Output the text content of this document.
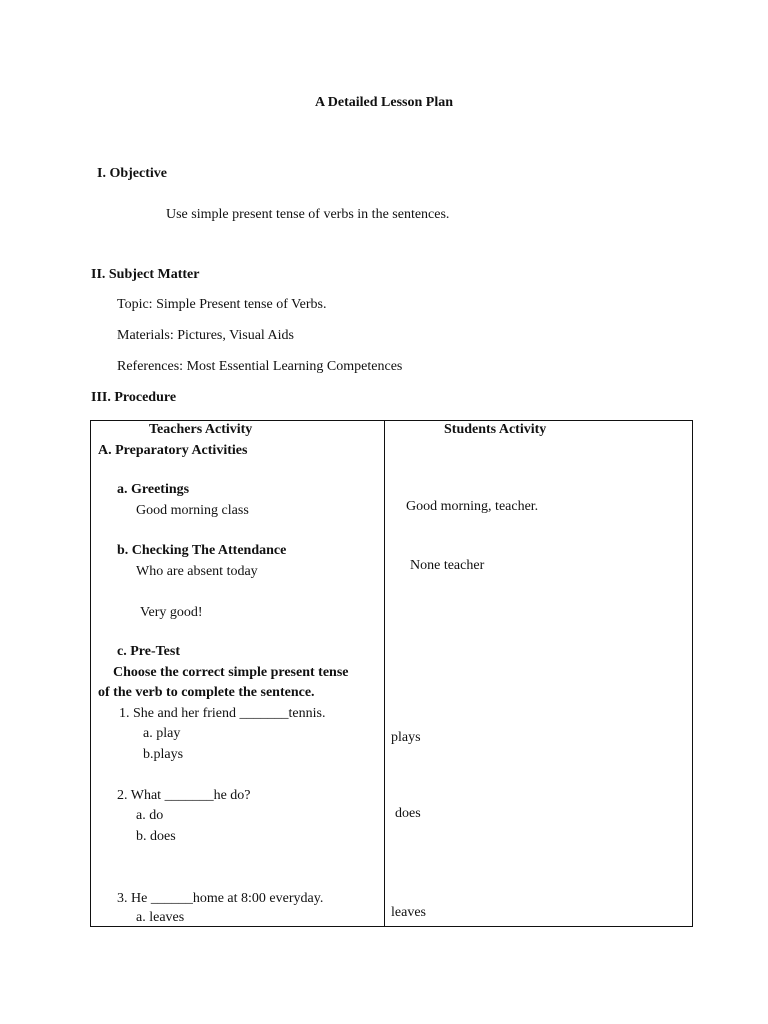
A Detailed Lesson Plan
I. Objective
Use simple present tense of verbs in the sentences.
II. Subject Matter
Topic: Simple Present tense of Verbs.
Materials: Pictures, Visual Aids
References: Most Essential Learning Competences
III. Procedure
Teachers Activity	Students Activity
A. Preparatory Activities
a. Greetings
Good morning class
b. Checking The Attendance
Who are absent today
Very good!
c. Pre-Test
Choose the correct simple present tense
of the verb to complete the sentence.
1. She and her friend _______tennis.
a. play
b.plays
2. What _______he do?
a. do
b. does
3. He ______home at 8:00 everyday.
a. leaves
Good morning, teacher.
None teacher
plays
does
leaves
